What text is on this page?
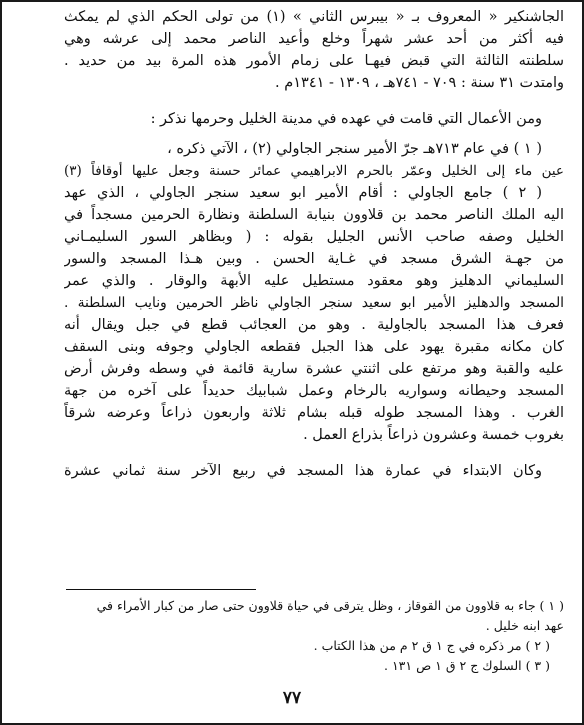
الجاشنكير « المعروف بـ « بيبرس الثاني » (١) من تولى الحكم الذي لم يمكث
فيه أكثر من أحد عشر شهراً وخلع وأعيد الناصر محمد إلى عرشه وهي
سلطنته الثالثة التي قبض فيهـا على زمام الأمور هذه المرة بيد من حديد .
وامتدت ٣١ سنة : ٧٠٩ - ٧٤١هـ ، ١٣٠٩ - ١٣٤١م .
ومن الأعمال التي قامت في عهده في مدينة الخليل وحرمها نذكر :
( ١ ) في عام ٧١٣هـ جرّ الأمير سنجر الجاولي (٢) ، الآتي ذكره ،
عين ماء إلى الخليل وعمّر بالحرم الابراهيمي عمائر حسنة وجعل عليها أوقافاً (٣)
( ٢ ) جامع الجاولي : أقام الأمير ابو سعيد سنجر الجاولي ، الذي عهد
اليه الملك الناصر محمد بن قلاوون بنيابة السلطنة ونظارة الحرمين مسجداً في
الخليل وصفه صاحب الأنس الجليل بقوله : ( وبظاهر السور السليمـاني
من جهـة الشرق مسجد في غـاية الحسن . وبين هـذا المسجد والسور
السليماني الدهليز وهو معقود مستطيل عليه الأبهة والوقار . والذي عمر
المسجد والدهليز الأمير ابو سعيد سنجر الجاولي ناظر الحرمين ونايب السلطنة .
فعرف هذا المسجد بالجاولية . وهو من العجائب قطع في جبل ويقال أنه
كان مكانه مقبرة يهود على هذا الجبل فقطعه الجاولي وجوفه وبنى السقف
عليه والقبة وهو مرتفع على اثنتي عشرة سارية قائمة في وسطه وفرش أرض
المسجد وحيطانه وسواريه بالرخام وعمل شبابيك حديداً على آخره من جهة
الغرب . وهذا المسجد طوله قبله بشام ثلاثة واربعون ذراعاً وعرضه شرقاً
بغروب خمسة وعشرون ذراعاً بذراع العمل .
وكان الابتداء في عمارة هذا المسجد في ربيع الآخر سنة ثماني عشرة
( ١ ) جاء به قلاوون من القوقاز ، وظل يترقى في حياة قلاوون حتى صار من كبار الأمراء في
عهد ابنه خليل .
( ٢ ) مر ذكره في ج ١ ق ٢ م من هذا الكتاب .
( ٣ ) السلوك ج ٢ ق ١ ص ١٣١ .
٧٧
